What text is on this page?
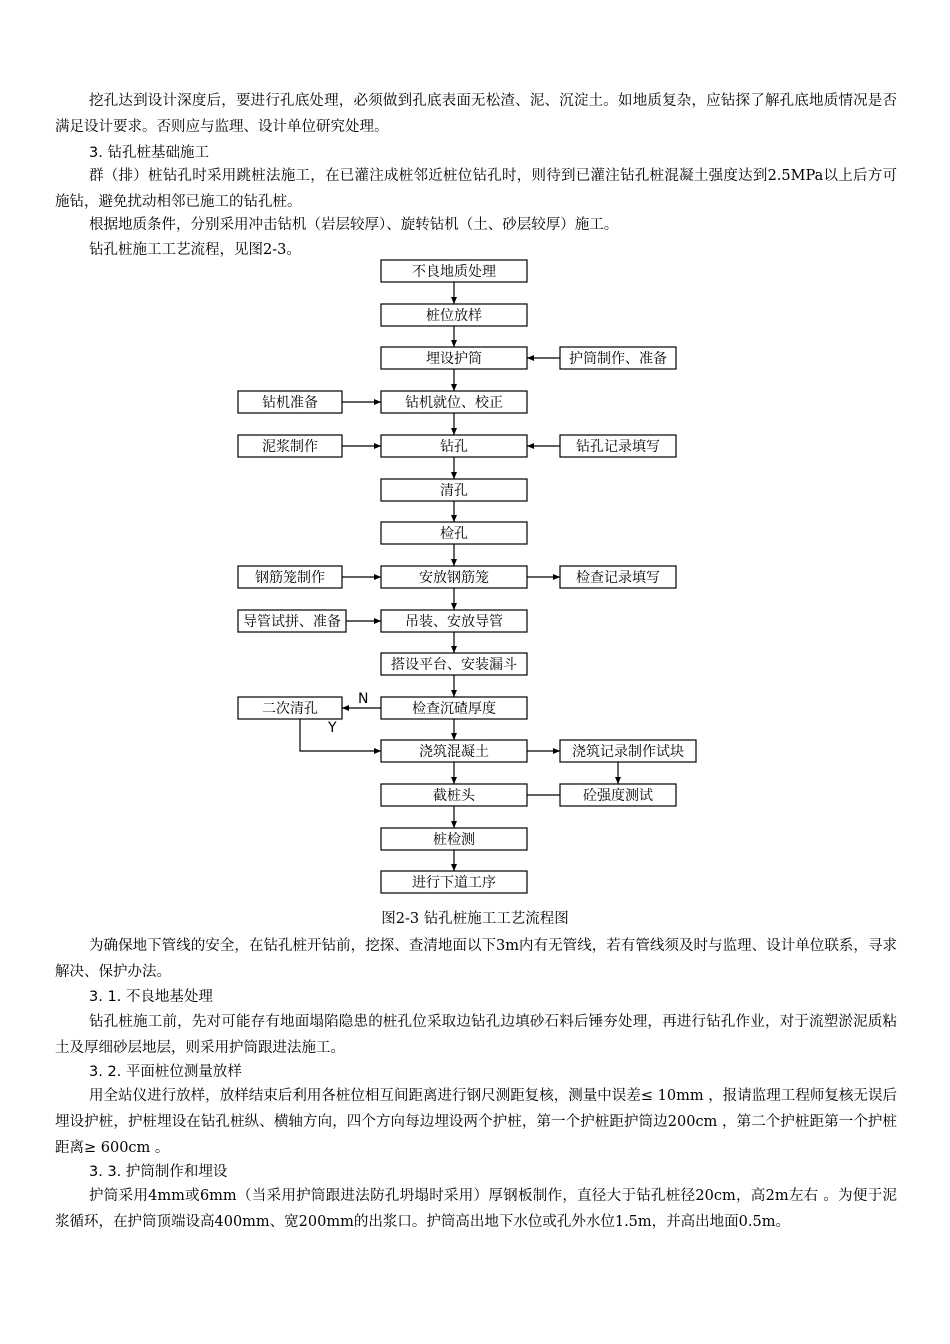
挖孔达到设计深度后，要进行孔底处理，必须做到孔底表面无松渣、泥、沉淀土。如地质复杂，应钻探了解孔底地质情况是否满足设计要求。否则应与监理、设计单位研究处理。
3. 钻孔桩基础施工
群（排）桩钻孔时采用跳桩法施工，在已灌注成桩邻近桩位钻孔时，则待到已灌注钻孔桩混凝土强度达到2.5MPa以上后方可施钻，避免扰动相邻已施工的钻孔桩。
根据地质条件，分别采用冲击钻机（岩层较厚）、旋转钻机（土、砂层较厚）施工。
钻孔桩施工工艺流程，见图2-3。
不良地质处理
桩位放样
埋设护筒
钻机就位、校正
钻孔
清孔
检孔
安放钢筋笼
吊装、安放导管
搭设平台、安装漏斗
检查沉碴厚度
浇筑混凝土
截桩头
桩检测
进行下道工序
钻机准备
泥浆制作
钢筋笼制作
导管试拼、准备
二次清孔
N
Y
护筒制作、准备
钻孔记录填写
检查记录填写
浇筑记录制作试块
砼强度测试
图2-3 钻孔桩施工工艺流程图
为确保地下管线的安全，在钻孔桩开钻前，挖探、查清地面以下3m内有无管线，若有管线须及时与监理、设计单位联系，寻求解决、保护办法。
3. 1. 不良地基处理
钻孔桩施工前，先对可能存有地面塌陷隐患的桩孔位采取边钻孔边填砂石料后锤夯处理，再进行钻孔作业，对于流塑淤泥质粘土及厚细砂层地层，则采用护筒跟进法施工。
3. 2. 平面桩位测量放样
用全站仪进行放样，放样结束后利用各桩位相互间距离进行钢尺测距复核，测量中误差≤ 10mm ，报请监理工程师复核无误后埋设护桩，护桩埋设在钻孔桩纵、横轴方向，四个方向每边埋设两个护桩，第一个护桩距护筒边200cm ，第二个护桩距第一个护桩距离≥ 600cm 。
3. 3. 护筒制作和埋设
护筒采用4mm或6mm（当采用护筒跟进法防孔坍塌时采用）厚钢板制作，直径大于钻孔桩径20cm，高2m左右 。为便于泥浆循环，在护筒顶端设高400mm、宽200mm的出浆口。护筒高出地下水位或孔外水位1.5m，并高出地面0.5m。
